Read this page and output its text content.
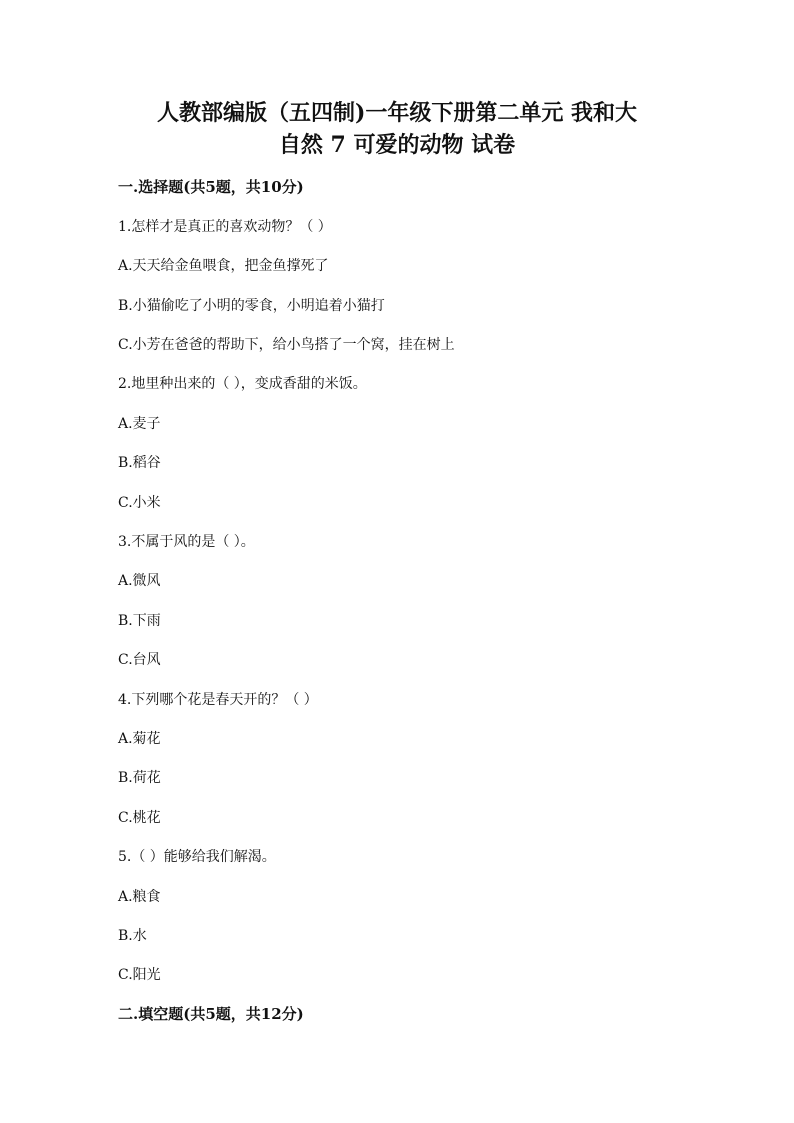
人教部编版（五四制)一年级下册第二单元 我和大
自然 7 可爱的动物 试卷
一.选择题(共5题，共10分)
1.怎样才是真正的喜欢动物？（ ）
A.天天给金鱼喂食，把金鱼撑死了
B.小猫偷吃了小明的零食，小明追着小猫打
C.小芳在爸爸的帮助下，给小鸟搭了一个窝，挂在树上
2.地里种出来的（ ），变成香甜的米饭。
A.麦子
B.稻谷
C.小米
3.不属于风的是（ ）。
A.微风
B.下雨
C.台风
4.下列哪个花是春天开的？（ ）
A.菊花
B.荷花
C.桃花
5.（ ）能够给我们解渴。
A.粮食
B.水
C.阳光
二.填空题(共5题，共12分)
